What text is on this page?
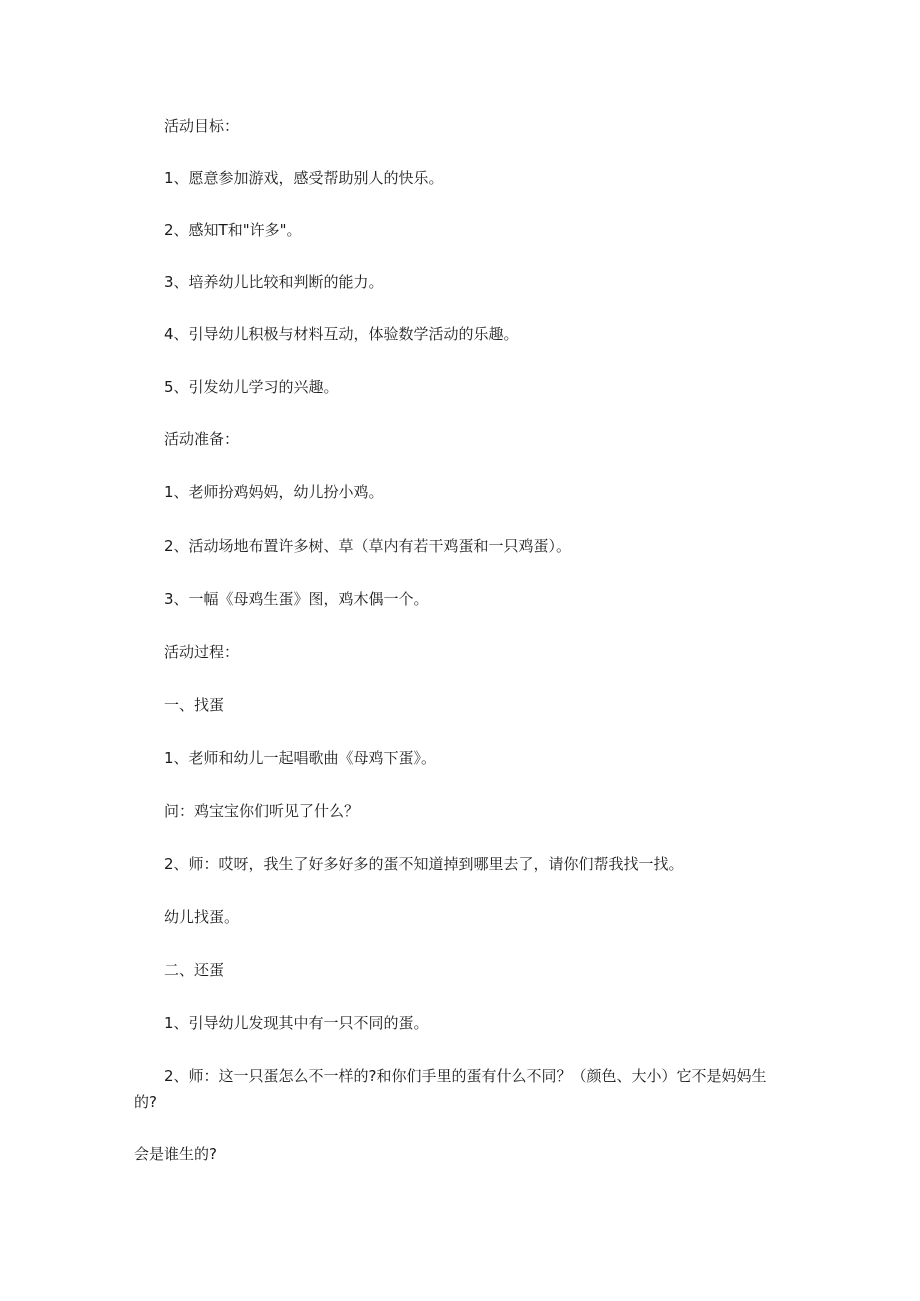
活动目标：

1、愿意参加游戏，感受帮助别人的快乐。

2、感知T和"许多"。

3、培养幼儿比较和判断的能力。

4、引导幼儿积极与材料互动，体验数学活动的乐趣。

5、引发幼儿学习的兴趣。

活动准备：

1、老师扮鸡妈妈，幼儿扮小鸡。

2、活动场地布置许多树、草（草内有若干鸡蛋和一只鸡蛋）。

3、一幅《母鸡生蛋》图，鸡木偶一个。

活动过程：

一、找蛋

1、老师和幼儿一起唱歌曲《母鸡下蛋》。

问：鸡宝宝你们听见了什么？

2、师：哎呀，我生了好多好多的蛋不知道掉到哪里去了，请你们帮我找一找。

幼儿找蛋。

二、还蛋

1、引导幼儿发现其中有一只不同的蛋。

2、师：这一只蛋怎么不一样的?和你们手里的蛋有什么不同？（颜色、大小）它不是妈妈生

的?

会是谁生的?
